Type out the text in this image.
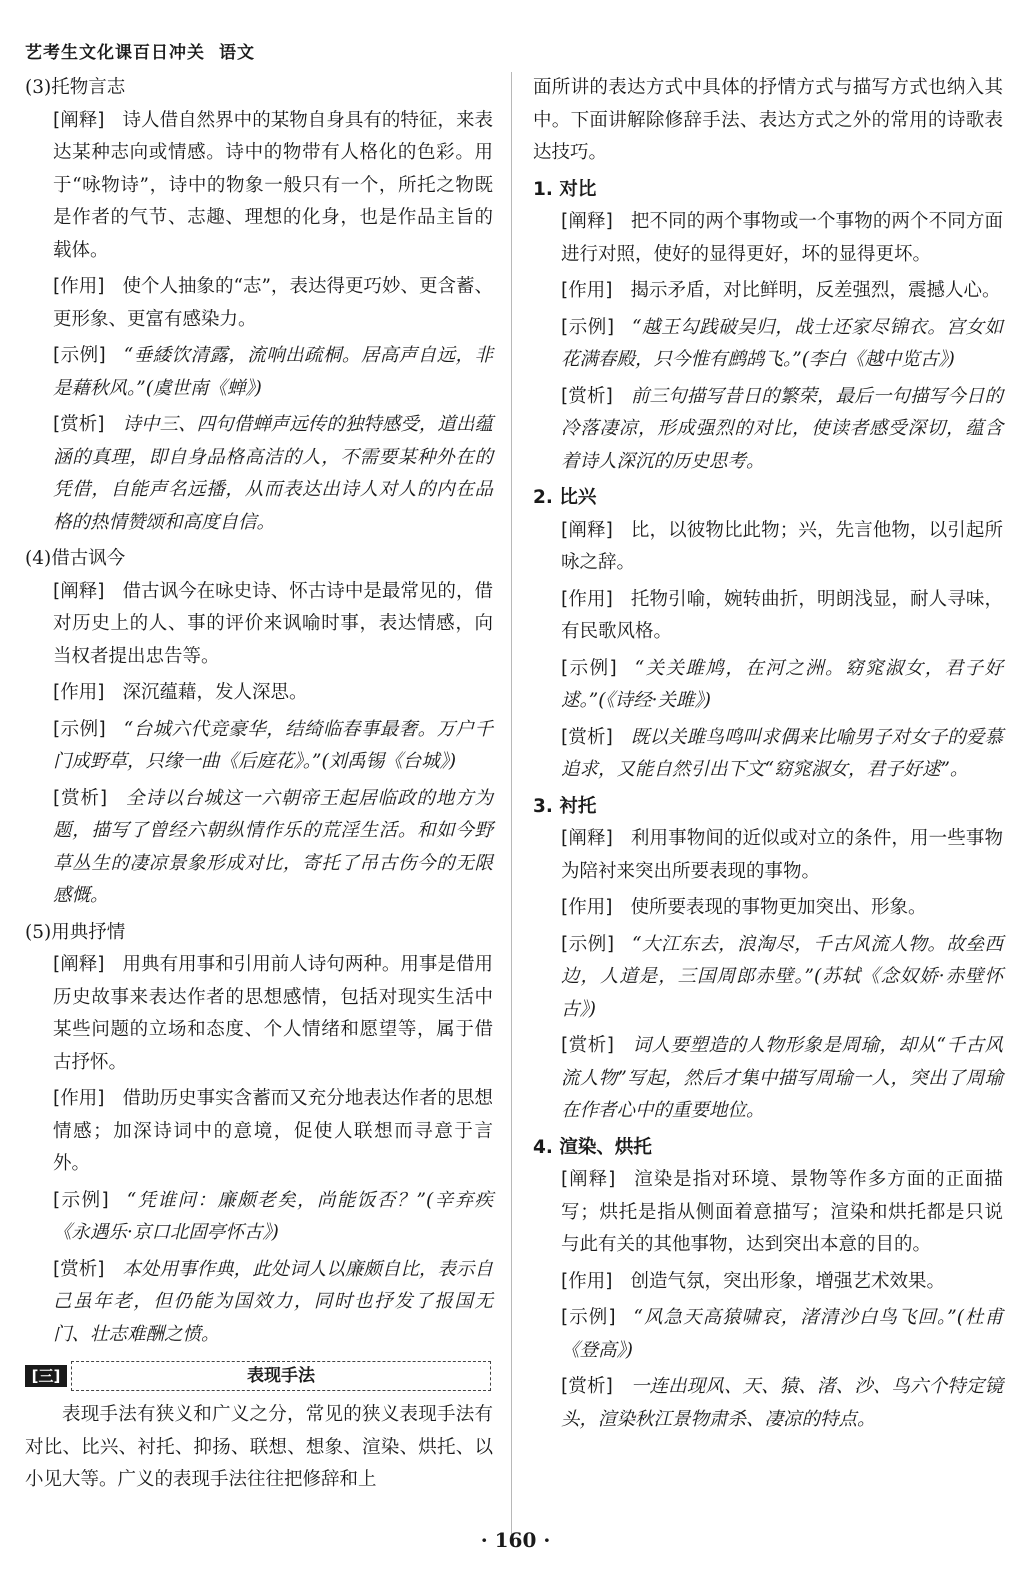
艺考生文化课百日冲关 语文

(3)托物言志

[阐释] 诗人借自然界中的某物自身具有的特征，来表达某种志向或情感。诗中的物带有人格化的色彩。用于“咏物诗”，诗中的物象一般只有一个，所托之物既是作者的气节、志趣、理想的化身，也是作品主旨的载体。

[作用] 使个人抽象的“志”，表达得更巧妙、更含蓄、更形象、更富有感染力。

[示例] “垂緌饮清露，流响出疏桐。居高声自远，非是藉秋风。”(虞世南《蝉》)

[赏析] 诗中三、四句借蝉声远传的独特感受，道出蕴涵的真理，即自身品格高洁的人，不需要某种外在的凭借，自能声名远播，从而表达出诗人对人的内在品格的热情赞颂和高度自信。

(4)借古讽今

[阐释] 借古讽今在咏史诗、怀古诗中是最常见的，借对历史上的人、事的评价来讽喻时事，表达情感，向当权者提出忠告等。

[作用] 深沉蕴藉，发人深思。

[示例] “台城六代竞豪华，结绮临春事最奢。万户千门成野草，只缘一曲《后庭花》。”(刘禹锡《台城》)

[赏析] 全诗以台城这一六朝帝王起居临政的地方为题，描写了曾经六朝纵情作乐的荒淫生活。和如今野草丛生的凄凉景象形成对比，寄托了吊古伤今的无限感慨。

(5)用典抒情

[阐释] 用典有用事和引用前人诗句两种。用事是借用历史故事来表达作者的思想感情，包括对现实生活中某些问题的立场和态度、个人情绪和愿望等，属于借古抒怀。

[作用] 借助历史事实含蓄而又充分地表达作者的思想情感；加深诗词中的意境，促使人联想而寻意于言外。

[示例] “凭谁问：廉颇老矣，尚能饭否？”(辛弃疾《永遇乐·京口北固亭怀古》)

[赏析] 本处用事作典，此处词人以廉颇自比，表示自己虽年老，但仍能为国效力，同时也抒发了报国无门、壮志难酬之愤。

[三]	表现手法

表现手法有狭义和广义之分，常见的狭义表现手法有对比、比兴、衬托、抑扬、联想、想象、渲染、烘托、以小见大等。广义的表现手法往往把修辞和上

面所讲的表达方式中具体的抒情方式与描写方式也纳入其中。下面讲解除修辞手法、表达方式之外的常用的诗歌表达技巧。

1. 对比

[阐释] 把不同的两个事物或一个事物的两个不同方面进行对照，使好的显得更好，坏的显得更坏。

[作用] 揭示矛盾，对比鲜明，反差强烈，震撼人心。

[示例] “越王勾践破吴归，战士还家尽锦衣。宫女如花满春殿，只今惟有鹧鸪飞。”(李白《越中览古》)

[赏析] 前三句描写昔日的繁荣，最后一句描写今日的冷落凄凉，形成强烈的对比，使读者感受深切，蕴含着诗人深沉的历史思考。

2. 比兴

[阐释] 比，以彼物比此物；兴，先言他物，以引起所咏之辞。

[作用] 托物引喻，婉转曲折，明朗浅显，耐人寻味，有民歌风格。

[示例] “关关雎鸠，在河之洲。窈窕淑女，君子好逑。”(《诗经·关雎》)

[赏析] 既以关雎鸟鸣叫求偶来比喻男子对女子的爱慕追求，又能自然引出下文“窈窕淑女，君子好逑”。

3. 衬托

[阐释] 利用事物间的近似或对立的条件，用一些事物为陪衬来突出所要表现的事物。

[作用] 使所要表现的事物更加突出、形象。

[示例] “大江东去，浪淘尽，千古风流人物。故垒西边，人道是，三国周郎赤壁。”(苏轼《念奴娇·赤壁怀古》)

[赏析] 词人要塑造的人物形象是周瑜，却从“千古风流人物”写起，然后才集中描写周瑜一人，突出了周瑜在作者心中的重要地位。

4. 渲染、烘托

[阐释] 渲染是指对环境、景物等作多方面的正面描写；烘托是指从侧面着意描写；渲染和烘托都是只说与此有关的其他事物，达到突出本意的目的。

[作用] 创造气氛，突出形象，增强艺术效果。

[示例] “风急天高猿啸哀，渚清沙白鸟飞回。”(杜甫《登高》)

[赏析] 一连出现风、天、猿、渚、沙、鸟六个特定镜头，渲染秋江景物肃杀、凄凉的特点。

· 160 ·
